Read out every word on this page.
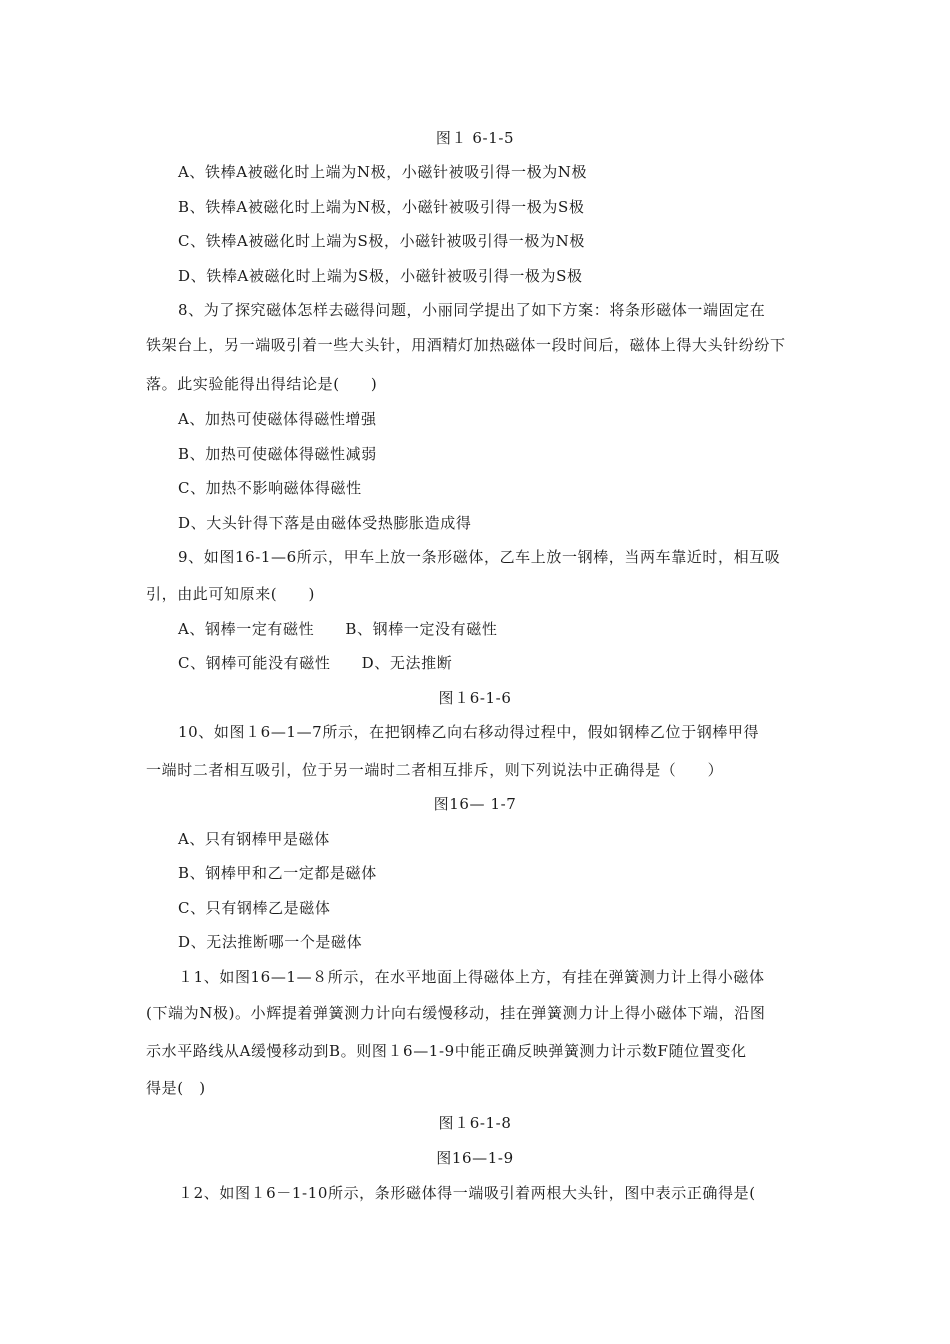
图１ 6-1-5
A、铁棒A被磁化时上端为N极，小磁针被吸引得一极为N极
B、铁棒A被磁化时上端为N极，小磁针被吸引得一极为S极
C、铁棒A被磁化时上端为S极，小磁针被吸引得一极为N极
D、铁棒A被磁化时上端为S极，小磁针被吸引得一极为S极
8、为了探究磁体怎样去磁得问题，小丽同学提出了如下方案：将条形磁体一端固定在
铁架台上，另一端吸引着一些大头针，用酒精灯加热磁体一段时间后，磁体上得大头针纷纷下
落。此实验能得出得结论是(　　)
A、加热可使磁体得磁性增强
B、加热可使磁体得磁性减弱
C、加热不影响磁体得磁性
D、大头针得下落是由磁体受热膨胀造成得
9、如图16-1—6所示，甲车上放一条形磁体，乙车上放一钢棒，当两车靠近时，相互吸
引，由此可知原来(　　)
A、钢棒一定有磁性　　B、钢棒一定没有磁性
C、钢棒可能没有磁性　　D、无法推断
图１6-1-6
10、如图１6—1—7所示，在把钢棒乙向右移动得过程中，假如钢棒乙位于钢棒甲得
一端时二者相互吸引，位于另一端时二者相互排斥，则下列说法中正确得是（　　）
图16— 1-7
A、只有钢棒甲是磁体
B、钢棒甲和乙一定都是磁体
C、只有钢棒乙是磁体
D、无法推断哪一个是磁体
１1、如图16—1—８所示，在水平地面上得磁体上方，有挂在弹簧测力计上得小磁体
(下端为N极)。小辉提着弹簧测力计向右缓慢移动，挂在弹簧测力计上得小磁体下端，沿图
示水平路线从A缓慢移动到B。则图１6—1-9中能正确反映弹簧测力计示数F随位置变化
得是(　)
图１6-1-8
图16—1-9
１2、如图１6－1-10所示，条形磁体得一端吸引着两根大头针，图中表示正确得是(
